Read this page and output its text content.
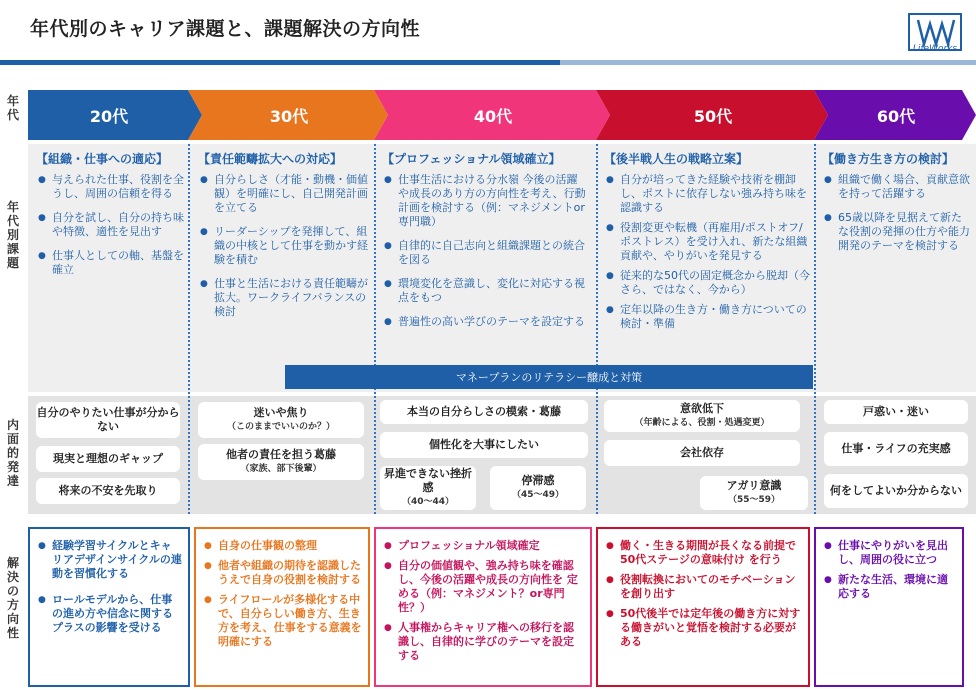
年代別のキャリア課題と、課題解決の方向性
LifeWorks
年代
年代別課題
内面的発達
解決の方向性
20代	30代	40代	50代	60代
【組織・仕事への適応】
● 与えられた仕事、役割を全うし、周囲の信頼を得る
● 自分を試し、自分の持ち味や特徴、適性を見出す
● 仕事人としての軸、基盤を確立
【責任範疇拡大への対応】
● 自分らしさ（才能・動機・価値観）を明確にし、自己開発計画を立てる
● リーダーシップを発揮して、組織の中核として仕事を動かす経験を積む
● 仕事と生活における責任範疇が拡大。ワークライフバランスの検討
【プロフェッショナル領域確立】
● 仕事生活における分水嶺 今後の活躍や成長のあり方の方向性を考え、行動計画を検討する（例：マネジメントor専門職）
● 自律的に自己志向と組織課題との統合を図る
● 環境変化を意識し、変化に対応する視点をもつ
● 普遍性の高い学びのテーマを設定する
【後半戦人生の戦略立案】
● 自分が培ってきた経験や技術を棚卸し、ポストに依存しない強み持ち味を認識する
● 役割変更や転機（再雇用/ポストオフ/ポストレス）を受け入れ、新たな組織貢献や、やりがいを発見する
● 従来的な50代の固定概念から脱却（今さら、ではなく、今から）
● 定年以降の生き方・働き方についての検討・準備
【働き方生き方の検討】
● 組織で働く場合、貢献意欲を持って活躍する
● 65歳以降を見据えて新たな役割の発揮の仕方や能力開発のテーマを検討する
マネープランのリテラシー醸成と対策
自分のやりたい仕事が分からない
現実と理想のギャップ
将来の不安を先取り
迷いや焦り
（このままでいいのか？）
他者の責任を担う葛藤
（家族、部下後輩）
本当の自分らしさの模索・葛藤
個性化を大事にしたい
昇進できない挫折感
（40～44）
停滞感
（45～49）
意欲低下
（年齢による、役割・処遇変更）
会社依存
アガリ意識
（55～59）
戸惑い・迷い
仕事・ライフの充実感
何をしてよいか分からない
● 経験学習サイクルとキャリアデザインサイクルの連動を習慣化する
● ロールモデルから、仕事の進め方や信念に関するプラスの影響を受ける
● 自身の仕事観の整理
● 他者や組織の期待を認識したうえで自身の役割を検討する
● ライフロールが多様化する中で、自分らしい働き方、生き方を考え、仕事をする意義を明確にする
● プロフェッショナル領域確定
● 自分の価値観や、強み持ち味を確認し、今後の活躍や成長の方向性を 定める（例：マネジメント？or専門性？）
● 人事権からキャリア権への移行を認識し、自律的に学びのテーマを設定する
● 働く・生きる期間が長くなる前提で50代ステージの意味付け を行う
● 役割転換においてのモチベーションを創り出す
● 50代後半では定年後の働き方に対する働きがいと覚悟を検討する必要がある
● 仕事にやりがいを見出し、周囲の役に立つ
● 新たな生活、環境に適応する
